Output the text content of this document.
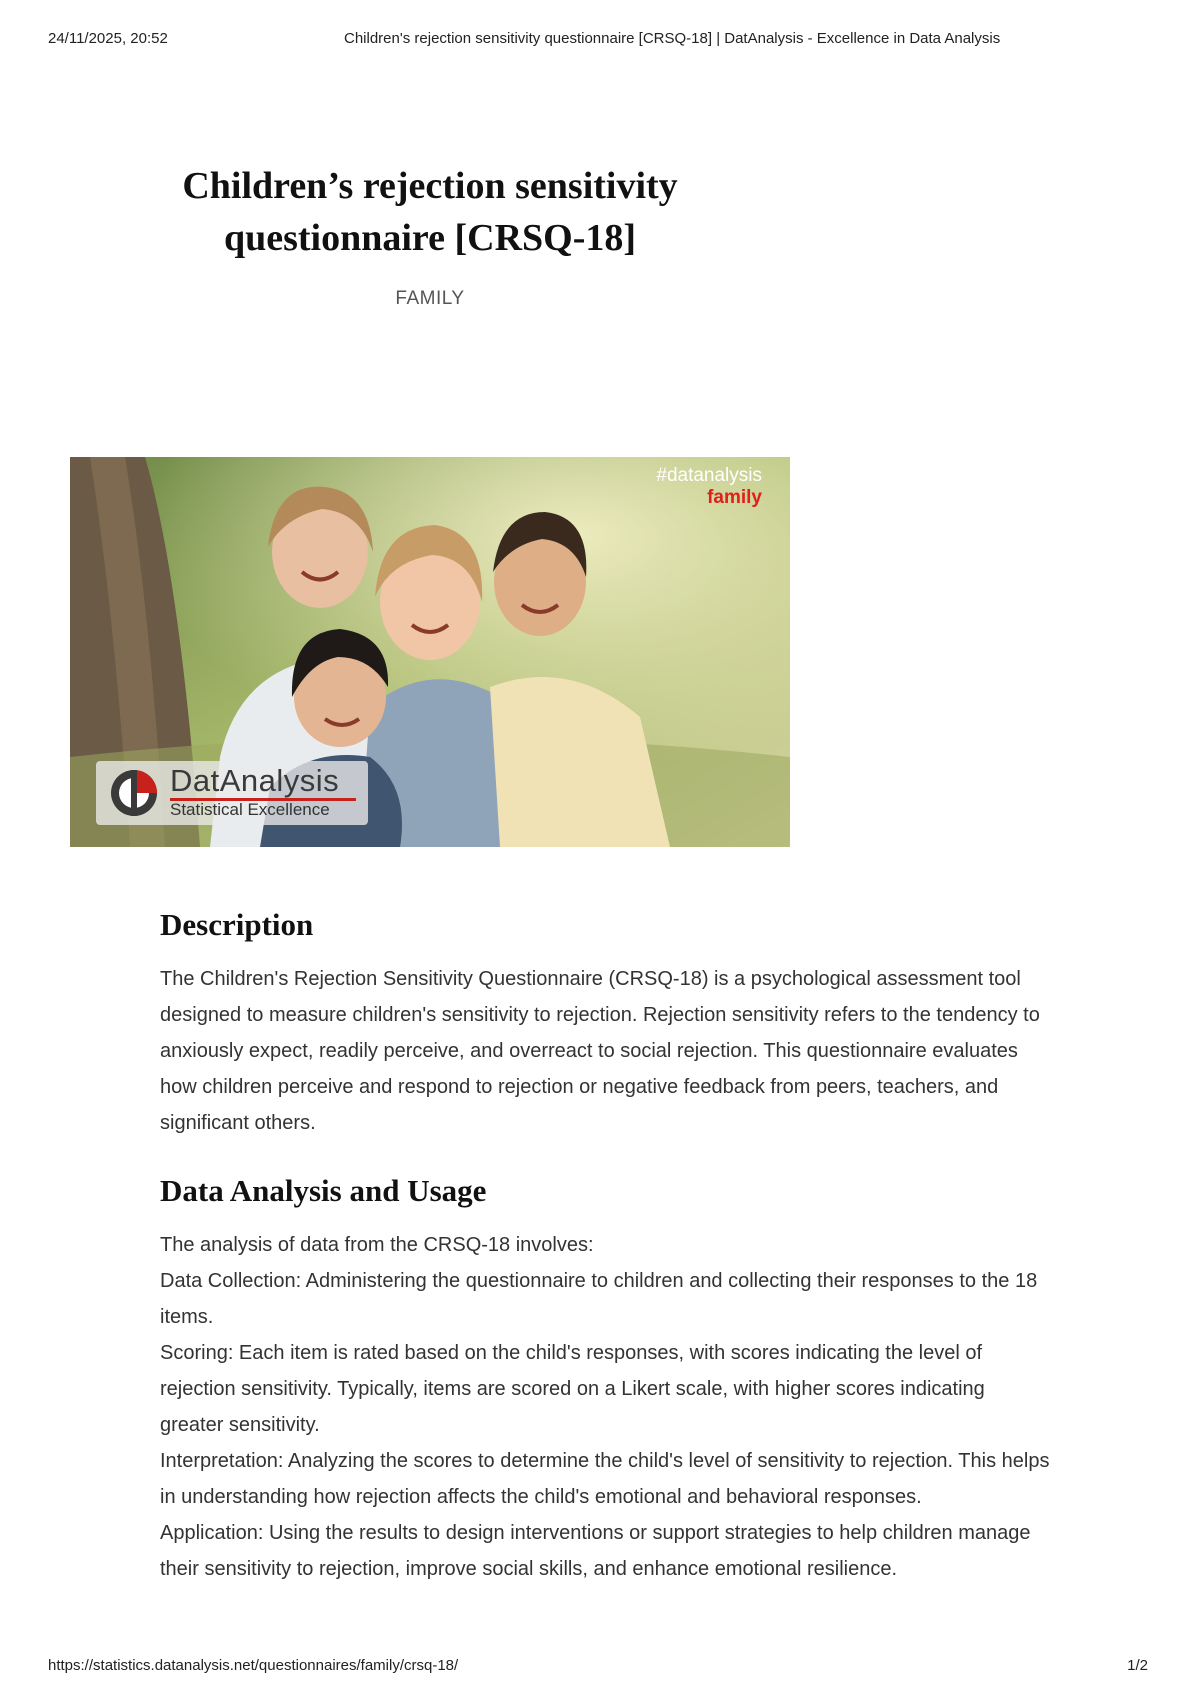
24/11/2025, 20:52	Children's rejection sensitivity questionnaire [CRSQ-18] | DatAnalysis - Excellence in Data Analysis
Children’s rejection sensitivity questionnaire [CRSQ-18]
FAMILY
#datanalysis
family
DatAnalysis
Statistical Excellence
Description

The Children's Rejection Sensitivity Questionnaire (CRSQ-18) is a psychological assessment tool designed to measure children's sensitivity to rejection. Rejection sensitivity refers to the tendency to anxiously expect, readily perceive, and overreact to social rejection. This questionnaire evaluates how children perceive and respond to rejection or negative feedback from peers, teachers, and significant others.

Data Analysis and Usage

The analysis of data from the CRSQ-18 involves:

Data Collection: Administering the questionnaire to children and collecting their responses to the 18 items.

Scoring: Each item is rated based on the child's responses, with scores indicating the level of rejection sensitivity. Typically, items are scored on a Likert scale, with higher scores indicating greater sensitivity.

Interpretation: Analyzing the scores to determine the child's level of sensitivity to rejection. This helps in understanding how rejection affects the child's emotional and behavioral responses.

Application: Using the results to design interventions or support strategies to help children manage their sensitivity to rejection, improve social skills, and enhance emotional resilience.

https://statistics.datanalysis.net/questionnaires/family/crsq-18/	1/2
